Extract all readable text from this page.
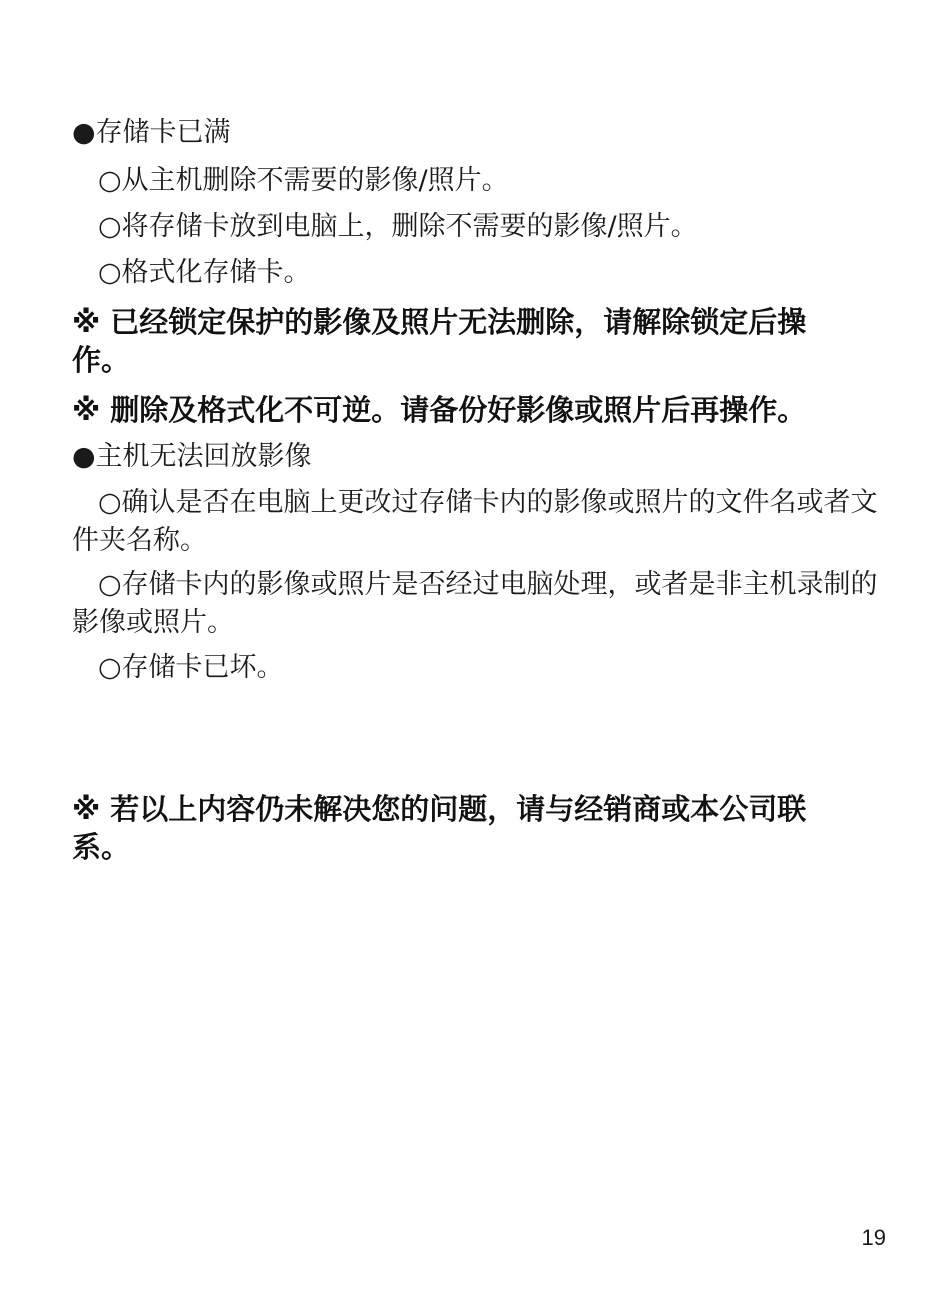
●存储卡已满
○从主机删除不需要的影像/照片。
○将存储卡放到电脑上，删除不需要的影像/照片。
○格式化存储卡。
※ 已经锁定保护的影像及照片无法删除，请解除锁定后操作。
※ 删除及格式化不可逆。请备份好影像或照片后再操作。
●主机无法回放影像
○确认是否在电脑上更改过存储卡内的影像或照片的文件名或者文件夹名称。
○存储卡内的影像或照片是否经过电脑处理，或者是非主机录制的影像或照片。
○存储卡已坏。
※ 若以上内容仍未解决您的问题，请与经销商或本公司联系。
19
